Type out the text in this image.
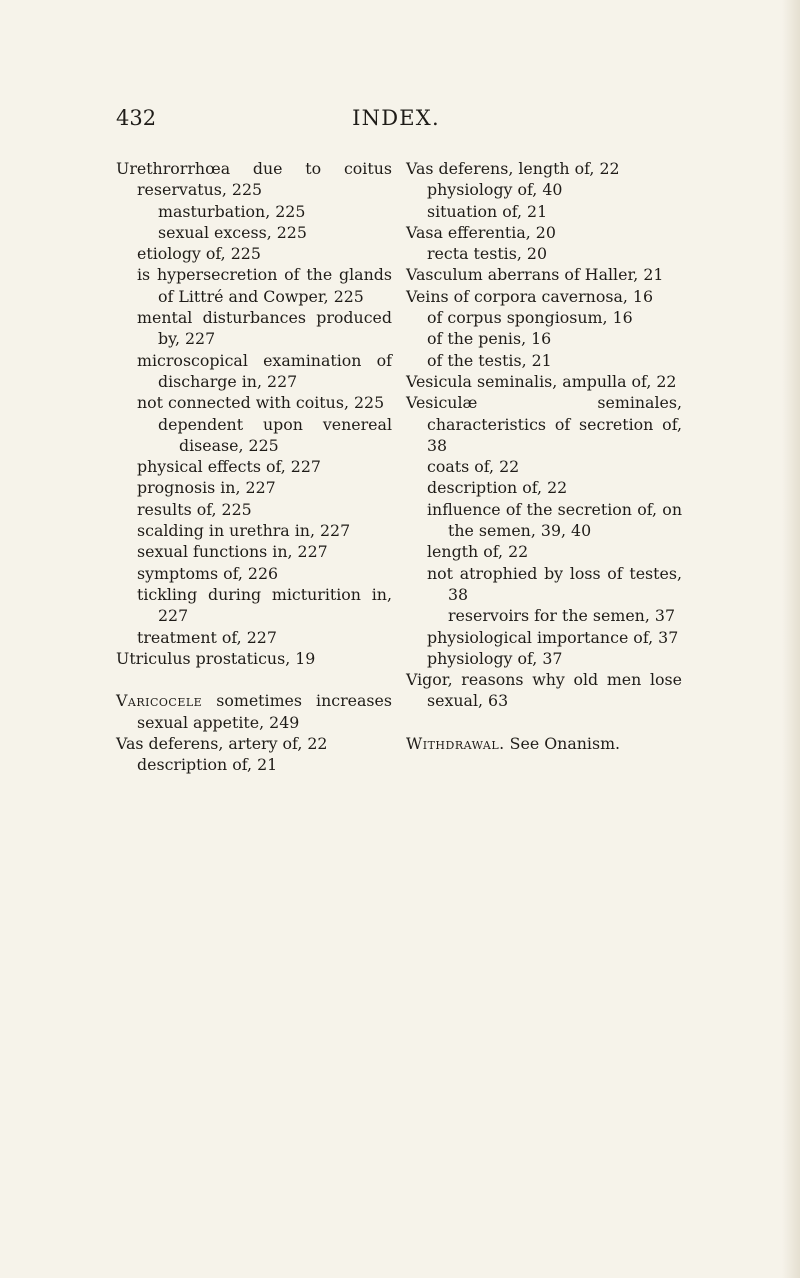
432	INDEX.

Urethrorrhœa due to coitus reservatus, 225

masturbation, 225

sexual excess, 225

etiology of, 225

is hypersecretion of the glands of Littré and Cowper, 225

mental disturbances produced by, 227

microscopical examination of discharge in, 227

not connected with coitus, 225

dependent upon venereal disease, 225

physical effects of, 227

prognosis in, 227

results of, 225

scalding in urethra in, 227

sexual functions in, 227

symptoms of, 226

tickling during micturition in, 227

treatment of, 227

Utriculus prostaticus, 19

Varicocele sometimes increases sexual appetite, 249

Vas deferens, artery of, 22

description of, 21

Vas deferens, length of, 22

physiology of, 40

situation of, 21

Vasa efferentia, 20

recta testis, 20

Vasculum aberrans of Haller, 21

Veins of corpora cavernosa, 16

of corpus spongiosum, 16

of the penis, 16

of the testis, 21

Vesicula seminalis, ampulla of, 22

Vesiculæ seminales, characteristics of secretion of, 38

coats of, 22

description of, 22

influence of the secretion of, on the semen, 39, 40

length of, 22

not atrophied by loss of testes, 38

reservoirs for the semen, 37

physiological importance of, 37

physiology of, 37

Vigor, reasons why old men lose sexual, 63

Withdrawal. See Onanism.
